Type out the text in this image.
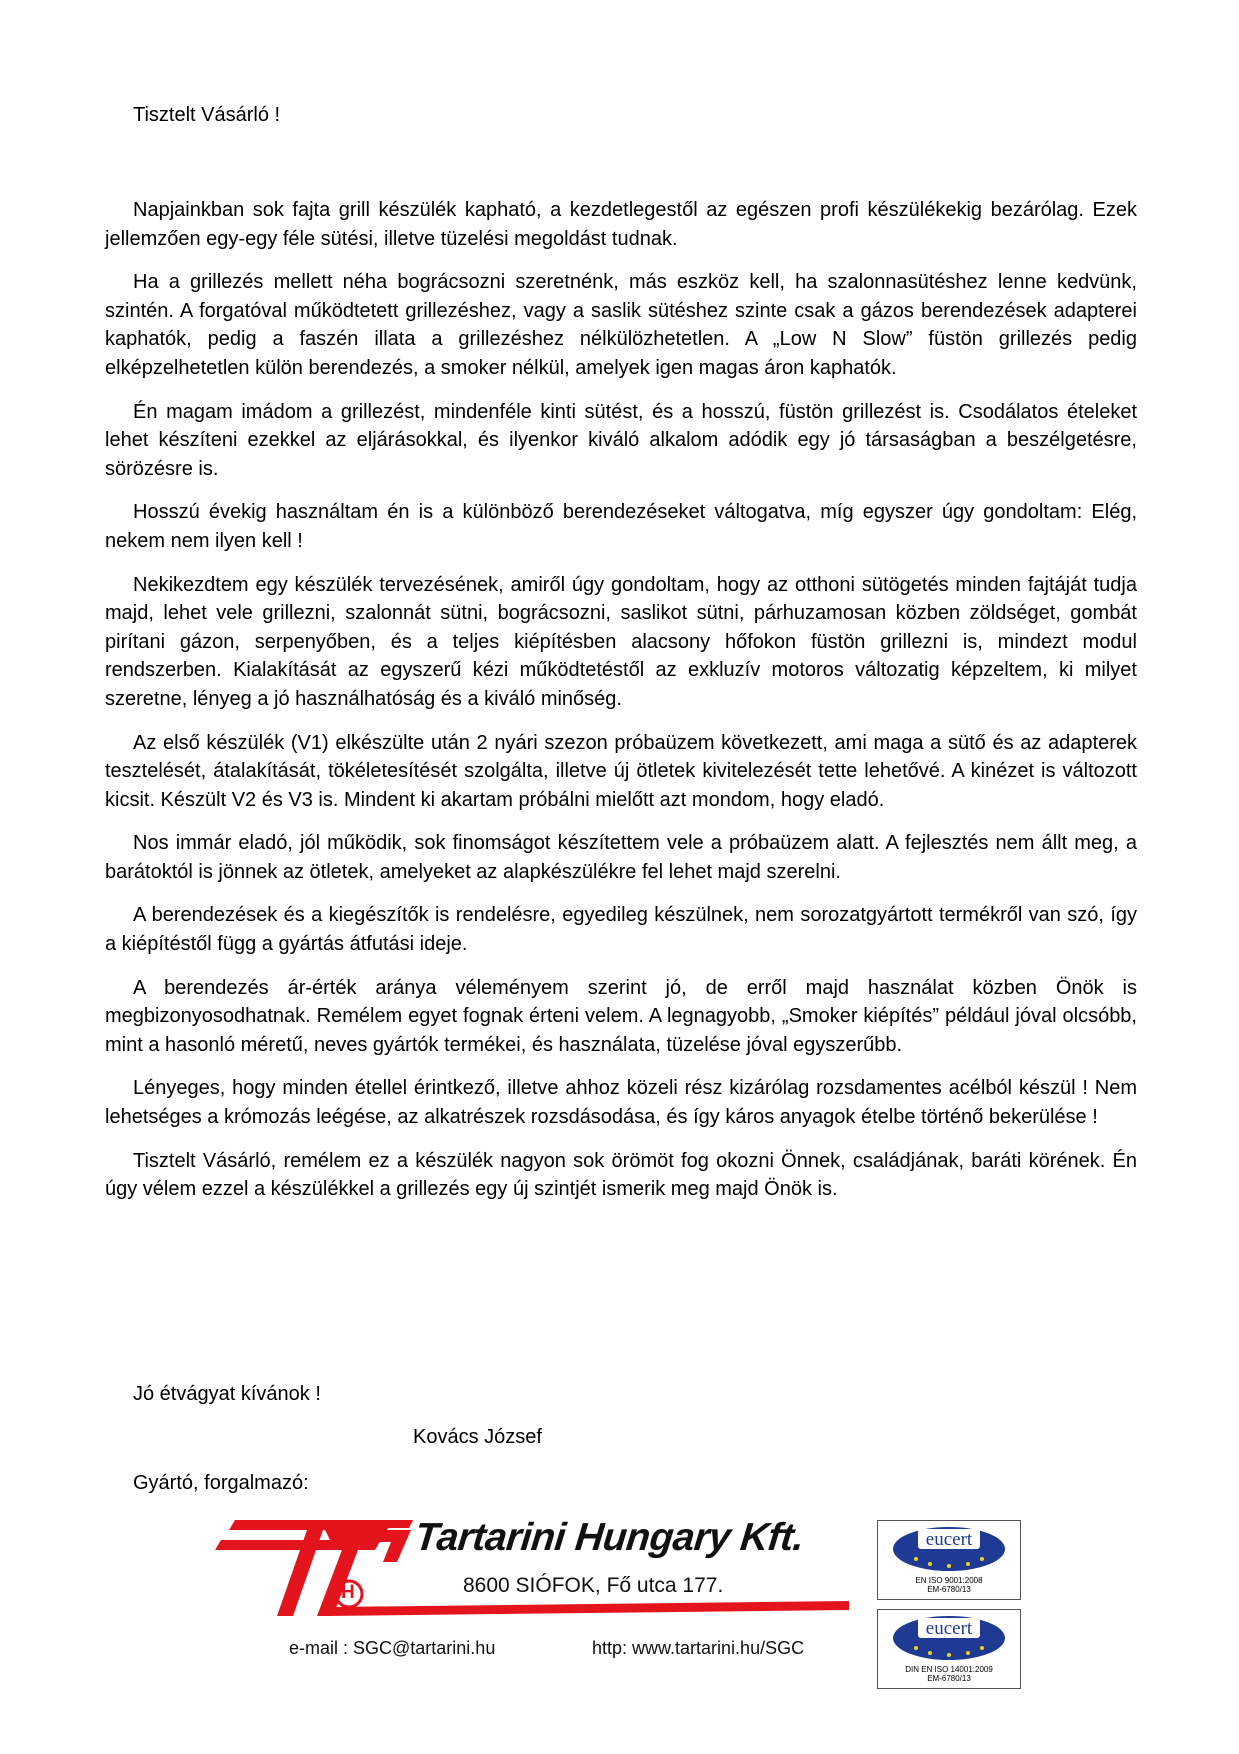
Tisztelt Vásárló !

Napjainkban sok fajta grill készülék kapható, a kezdetlegestől az egészen profi készülékekig bezárólag. Ezek jellemzően egy-egy féle sütési, illetve tüzelési megoldást tudnak.

Ha a grillezés mellett néha bográcsozni szeretnénk, más eszköz kell, ha szalonnasütéshez lenne kedvünk, szintén. A forgatóval működtetett grillezéshez, vagy a saslik sütéshez szinte csak a gázos berendezések adapterei kaphatók, pedig a faszén illata a grillezéshez nélkülözhetetlen. A „Low N Slow” füstön grillezés pedig elképzelhetetlen külön berendezés, a smoker nélkül, amelyek igen magas áron kaphatók.

Én magam imádom a grillezést, mindenféle kinti sütést, és a hosszú, füstön grillezést is. Csodálatos ételeket lehet készíteni ezekkel az eljárásokkal, és ilyenkor kiváló alkalom adódik egy jó társaságban a beszélgetésre, sörözésre is.

Hosszú évekig használtam én is a különböző berendezéseket váltogatva, míg egyszer úgy gondoltam: Elég, nekem nem ilyen kell !

Nekikezdtem egy készülék tervezésének, amiről úgy gondoltam, hogy az otthoni sütögetés minden fajtáját tudja majd, lehet vele grillezni, szalonnát sütni, bográcsozni, saslikot sütni, párhuzamosan közben zöldséget, gombát pirítani gázon, serpenyőben, és a teljes kiépítésben alacsony hőfokon füstön grillezni is, mindezt modul rendszerben. Kialakítását az egyszerű kézi működtetéstől az exkluzív motoros változatig képzeltem, ki milyet szeretne, lényeg a jó használhatóság és a kiváló minőség.

Az első készülék (V1) elkészülte után 2 nyári szezon próbaüzem következett, ami maga a sütő és az adapterek tesztelését, átalakítását, tökéletesítését szolgálta, illetve új ötletek kivitelezését tette lehetővé. A kinézet is változott kicsit. Készült V2 és V3 is. Mindent ki akartam próbálni mielőtt azt mondom, hogy eladó.

Nos immár eladó, jól működik, sok finomságot készítettem vele a próbaüzem alatt. A fejlesztés nem állt meg, a barátoktól is jönnek az ötletek, amelyeket az alapkészülékre fel lehet majd szerelni.

A berendezések és a kiegészítők is rendelésre, egyedileg készülnek, nem sorozatgyártott termékről van szó, így a kiépítéstől függ a gyártás átfutási ideje.

A berendezés ár-érték aránya véleményem szerint jó, de erről majd használat közben Önök is megbizonyosodhatnak. Remélem egyet fognak érteni velem. A legnagyobb, „Smoker kiépítés” például jóval olcsóbb, mint a hasonló méretű, neves gyártók termékei, és használata, tüzelése jóval egyszerűbb.

Lényeges, hogy minden étellel érintkező, illetve ahhoz közeli rész kizárólag rozsdamentes acélból készül ! Nem lehetséges a krómozás leégése, az alkatrészek rozsdásodása, és így káros anyagok ételbe történő bekerülése !

Tisztelt Vásárló, remélem ez a készülék nagyon sok örömöt fog okozni Önnek, családjának, baráti körének. Én úgy vélem ezzel a készülékkel a grillezés egy új szintjét ismerik meg majd Önök is.

Jó étvágyat kívánok !
Kovács József
Gyártó, forgalmazó:
H
Tartarini Hungary Kft.
8600 SIÓFOK, Fő utca 177.
e-mail : SGC@tartarini.hu	http: www.tartarini.hu/SGC
eucert
EN ISO 9001:2008
EM-6780/13
eucert
DIN EN ISO 14001:2009
EM-6780/13
